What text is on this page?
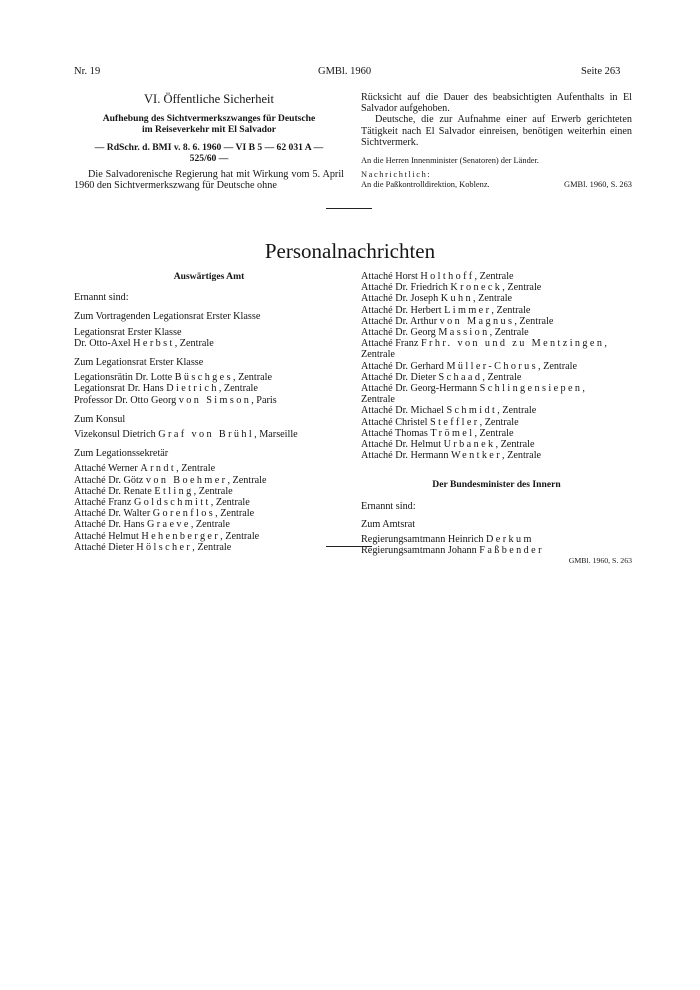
Nr. 19	GMBl. 1960	Seite 263
VI. Öffentliche Sicherheit
Aufhebung des Sichtvermerkszwanges für Deutsche
im Reiseverkehr mit El Salvador
— RdSchr. d. BMI v. 8. 6. 1960 — VI B 5 — 62 031 A —
525/60 —
Die Salvadorenische Regierung hat mit Wirkung vom 5. April 1960 den Sichtvermerkszwang für Deutsche ohne
Rücksicht auf die Dauer des beabsichtigten Aufenthalts in El Salvador aufgehoben.
Deutsche, die zur Aufnahme einer auf Erwerb gerichteten Tätigkeit nach El Salvador einreisen, benötigen weiterhin einen Sichtvermerk.
An die Herren Innenminister (Senatoren) der Länder.
Nachrichtlich:
An die Paßkontrolldirektion, Koblenz.	GMBl. 1960, S. 263
Personalnachrichten
Auswärtiges Amt
Ernannt sind:
Zum Vortragenden Legationsrat Erster Klasse
Legationsrat Erster Klasse
Dr. Otto-Axel Herbst, Zentrale
Zum Legationsrat Erster Klasse
Legationsrätin Dr. Lotte Büschges, Zentrale
Legationsrat Dr. Hans Dietrich, Zentrale
Professor Dr. Otto Georg von Simson, Paris
Zum Konsul
Vizekonsul Dietrich Graf von Brühl, Marseille
Zum Legationssekretär
Attaché Werner Arndt, Zentrale
Attaché Dr. Götz von Boehmer, Zentrale
Attaché Dr. Renate Etling, Zentrale
Attaché Franz Goldschmitt, Zentrale
Attaché Dr. Walter Gorenflos, Zentrale
Attaché Dr. Hans Graeve, Zentrale
Attaché Helmut Hehenberger, Zentrale
Attaché Dieter Hölscher, Zentrale
Attaché Horst Holthoff, Zentrale
Attaché Dr. Friedrich Kroneck, Zentrale
Attaché Dr. Joseph Kuhn, Zentrale
Attaché Dr. Herbert Limmer, Zentrale
Attaché Dr. Arthur von Magnus, Zentrale
Attaché Dr. Georg Massion, Zentrale
Attaché Franz Frhr. von und zu Mentzingen,
Zentrale
Attaché Dr. Gerhard Müller-Chorus, Zentrale
Attaché Dr. Dieter Schaad, Zentrale
Attaché Dr. Georg-Hermann Schlingensiepen,
Zentrale
Attaché Dr. Michael Schmidt, Zentrale
Attaché Christel Steffler, Zentrale
Attaché Thomas Trömel, Zentrale
Attaché Dr. Helmut Urbanek, Zentrale
Attaché Dr. Hermann Wentker, Zentrale
Der Bundesminister des Innern
Ernannt sind:
Zum Amtsrat
Regierungsamtmann Heinrich Derkum
Regierungsamtmann Johann Faßbender
GMBl. 1960, S. 263
